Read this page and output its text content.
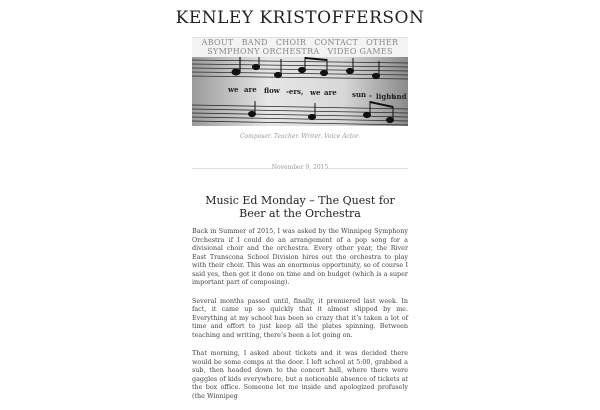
KENLEY KRISTOFFERSON
ABOUT BAND CHOIR CONTACT OTHER
SYMPHONY ORCHESTRA VIDEO GAMES
we are flow -ers, we are sun - light
and
Composer. Teacher. Writer. Voice Actor.
November 9, 2015
Music Ed Monday – The Quest for Beer at the Orchestra

Back in Summer of 2015, I was asked by the Winnipeg Symphony Orchestra if I could do an arrangement of a pop song for a divisional choir and the orchestra. Every other year, the River East Transcona School Division hires out the orchestra to play with their choir. This was an enormous opportunity, so of course I said yes, then got it done on time and on budget (which is a super important part of composing).

Several months passed until, finally, it premiered last week. In fact, it came up so quickly that it almost slipped by me. Everything at my school has been so crazy that it’s taken a lot of time and effort to just keep all the plates spinning. Between teaching and writing, there’s been a lot going on.

That morning, I asked about tickets and it was decided there would be some comps at the door. I left school at 5:00, grabbed a sub, then headed down to the concert hall, where there were gaggles of kids everywhere, but a noticeable absence of tickets at the box office. Someone let me inside and apologized profusely (the Winnipeg
